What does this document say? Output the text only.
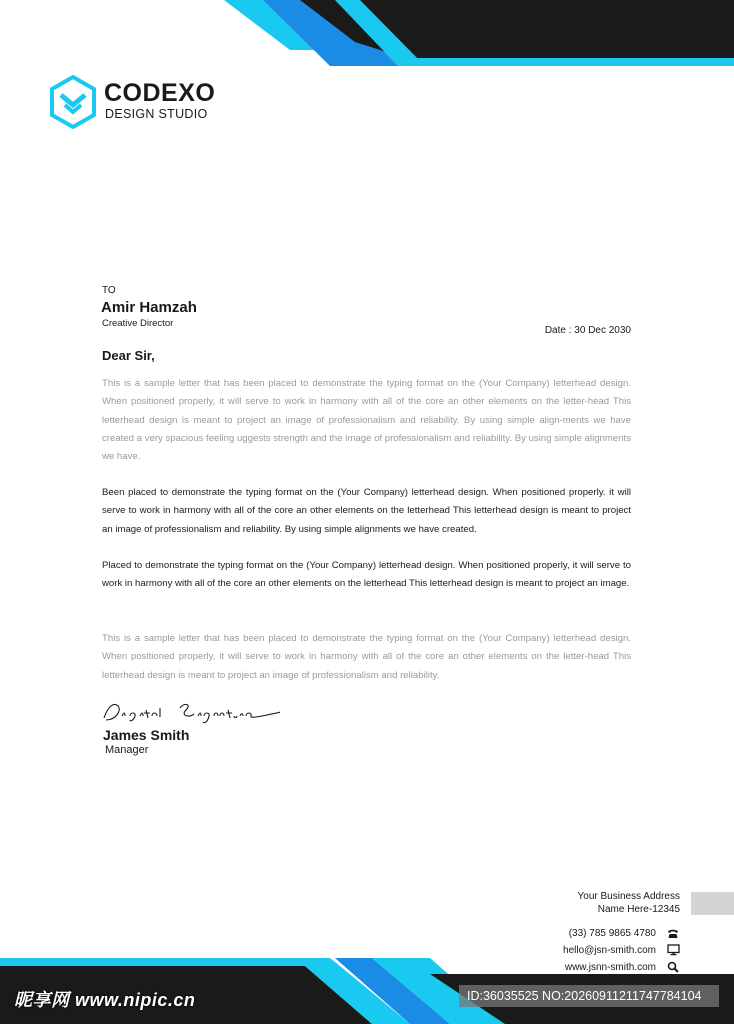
CODEXO
DESIGN STUDIO
TO
Amir Hamzah
Creative Director
Date : 30 Dec 2030
Dear Sir,

This is a sample letter that has been placed to demonstrate the typing format on the (Your Company) letterhead design. When positioned properly, it will serve to work in harmony with all of the core an other elements on the letter-head This letterhead design is meant to project an image of professionalism and reliability. By using simple align-ments we have created a very spacious feeling uggests strength and the image of professionalism and reliability. By using simple alignments we have.

Been placed to demonstrate the typing format on the (Your Company) letterhead design. When positioned properly. it will serve to work in harmony with all of the core an other elements on the letterhead This letterhead design is meant to project an image of professionalism and reliability. By using simple alignments we have created.

Placed to demonstrate the typing format on the (Your Company) letterhead design. When positioned properly, it will serve to work in harmony with all of the core an other elements on the letterhead This letterhead design is meant to project an image.

This is a sample letter that has been placed to demonstrate the typing format on the (Your Company) letterhead design. When positioned properly, it will serve to work in harmony with all of the core an other elements on the letter-head This letterhead design is meant to project an image of professionalism and reliability.

James Smith
Manager
Your Business Address
Name Here-12345
(33) 785 9865 4780
hello@jsn-smith.com
www.jsnn-smith.com
昵享网 www.nipic.cn	ID:36035525 NO:20260911211747784104
